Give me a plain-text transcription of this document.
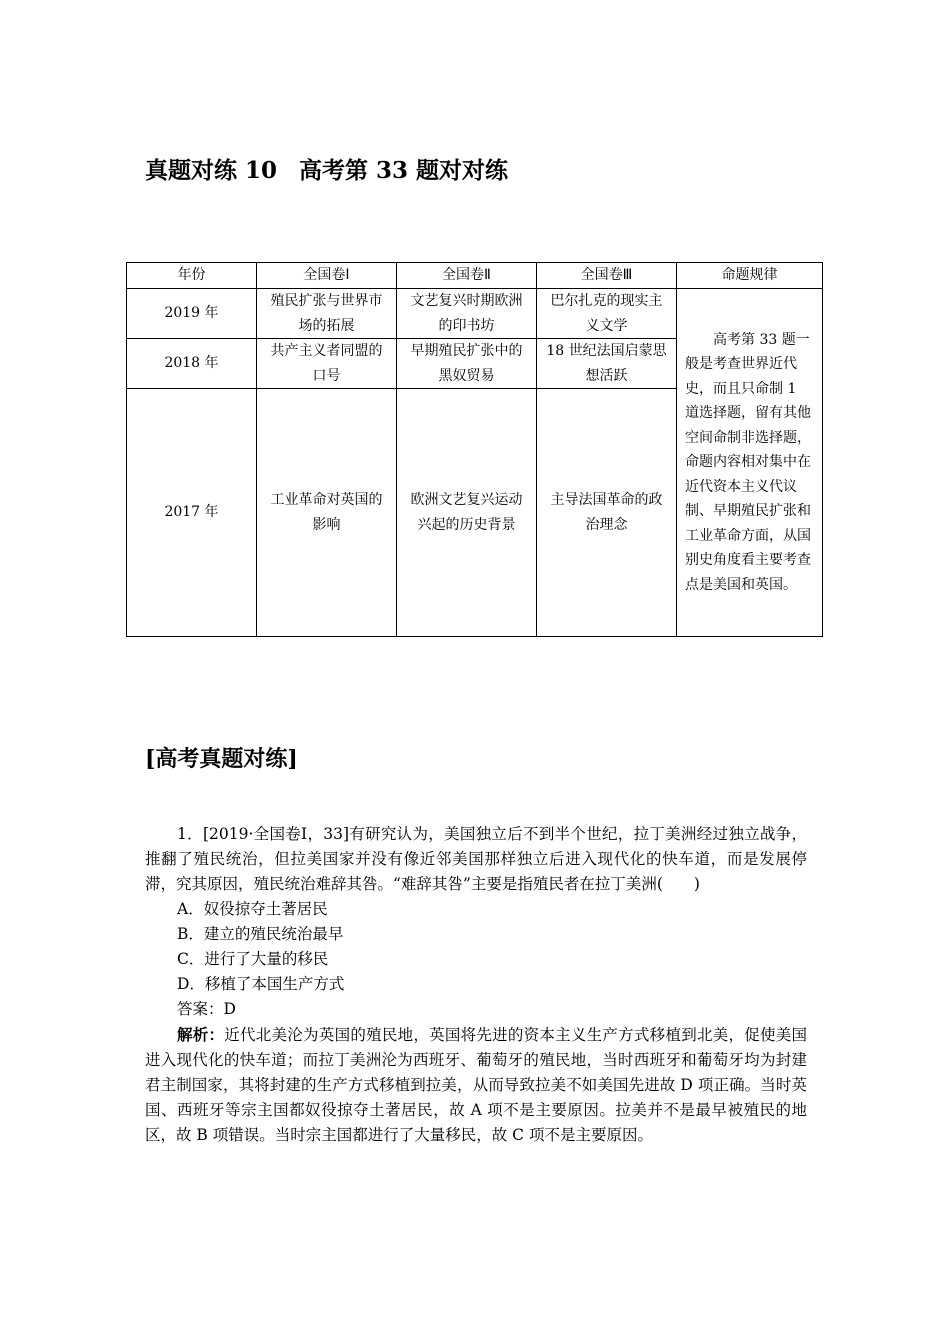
真题对练 10 高考第 33 题对对练
年份	全国卷Ⅰ	全国卷Ⅱ	全国卷Ⅲ	命题规律
2019 年	殖民扩张与世界市场的拓展	文艺复兴时期欧洲的印书坊	巴尔扎克的现实主义文学	高考第 33 题一般是考查世界近代史，而且只命制 1 道选择题，留有其他空间命制非选择题，命题内容相对集中在近代资本主义代议制、早期殖民扩张和工业革命方面，从国别史角度看主要考查点是美国和英国。

2018 年	共产主义者同盟的口号	早期殖民扩张中的黑奴贸易	18 世纪法国启蒙思想活跃	
2017 年	工业革命对英国的影响	欧洲文艺复兴运动兴起的历史背景	主导法国革命的政治理念	
[高考真题对练]

1．[2019·全国卷Ⅰ，33]有研究认为，美国独立后不到半个世纪，拉丁美洲经过独立战争，推翻了殖民统治，但拉美国家并没有像近邻美国那样独立后进入现代化的快车道，而是发展停滞，究其原因，殖民统治难辞其咎。“难辞其咎”主要是指殖民者在拉丁美洲(　　)

A．奴役掠夺土著居民

B．建立的殖民统治最早

C．进行了大量的移民

D．移植了本国生产方式

答案：D

解析：近代北美沦为英国的殖民地，英国将先进的资本主义生产方式移植到北美，促使美国进入现代化的快车道；而拉丁美洲沦为西班牙、葡萄牙的殖民地，当时西班牙和葡萄牙均为封建君主制国家，其将封建的生产方式移植到拉美，从而导致拉美不如美国先进故 D 项正确。当时英国、西班牙等宗主国都奴役掠夺土著居民，故 A 项不是主要原因。拉美并不是最早被殖民的地区，故 B 项错误。当时宗主国都进行了大量移民，故 C 项不是主要原因。
